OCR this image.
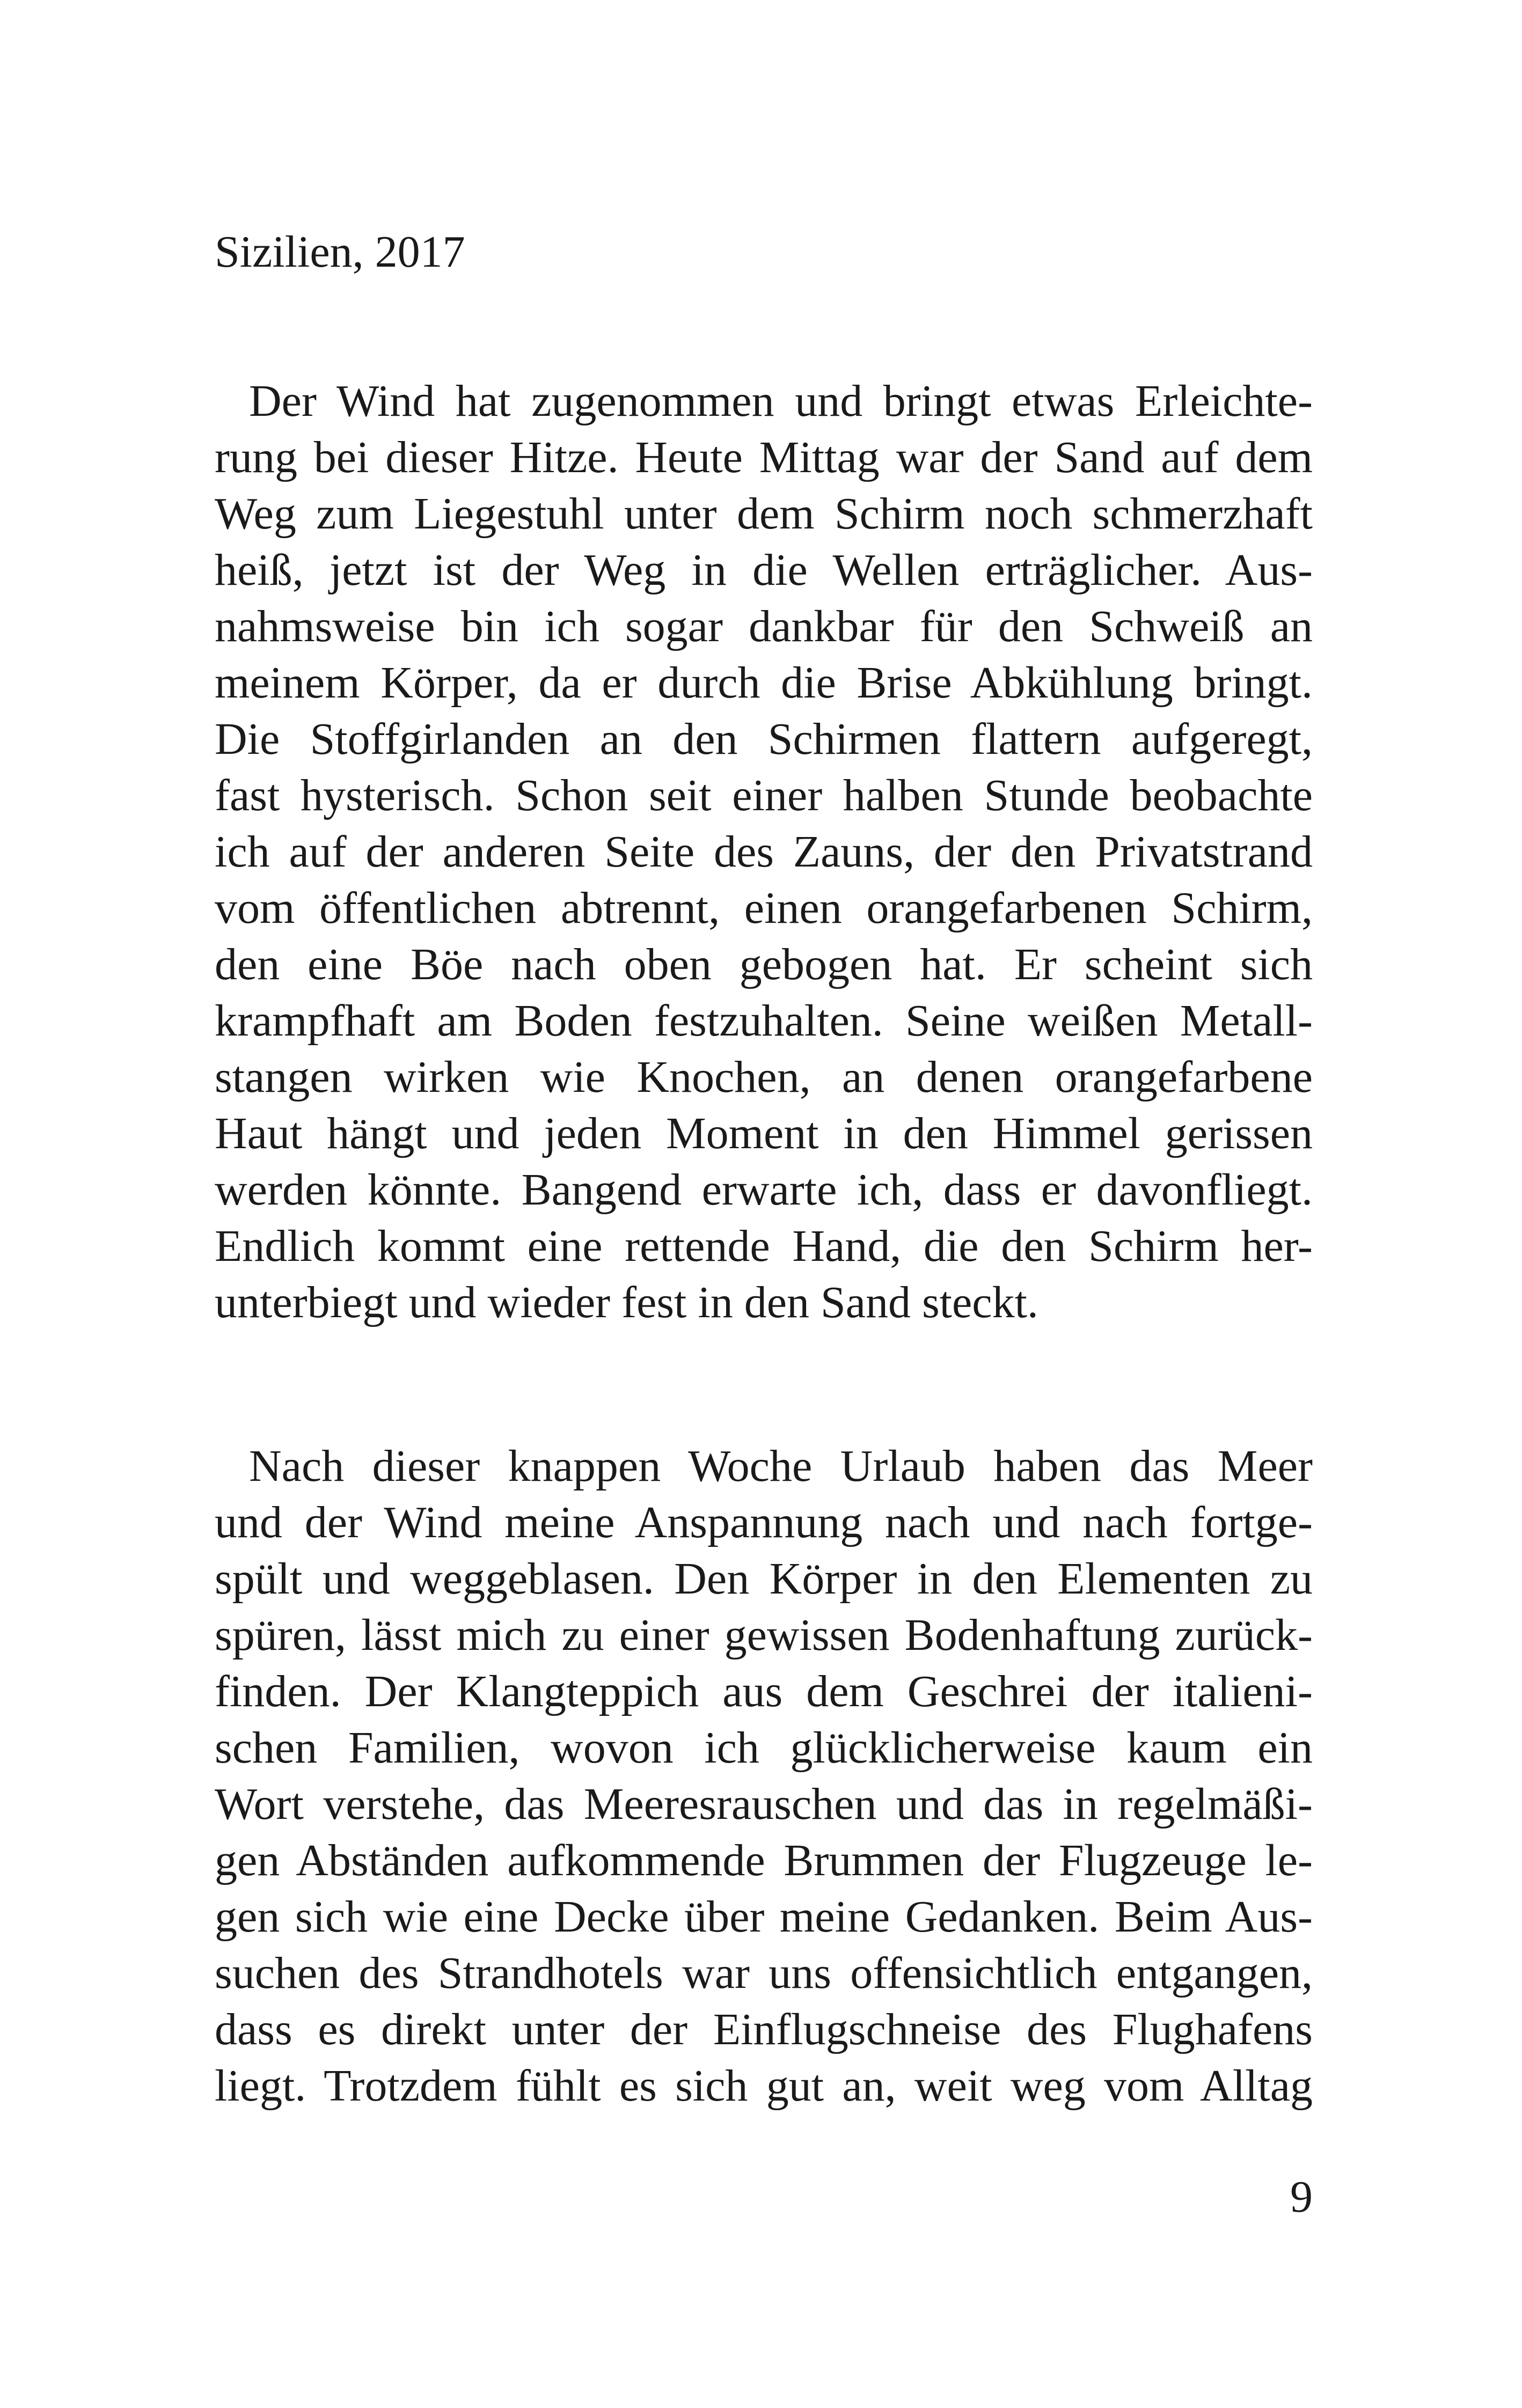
Sizilien, 2017
Der Wind hat zugenommen und bringt etwas Erleichte-
rung bei dieser Hitze. Heute Mittag war der Sand auf dem
Weg zum Liegestuhl unter dem Schirm noch schmerzhaft
heiß, jetzt ist der Weg in die Wellen erträglicher. Aus-
nahmsweise bin ich sogar dankbar für den Schweiß an
meinem Körper, da er durch die Brise Abkühlung bringt.
Die Stoffgirlanden an den Schirmen flattern aufgeregt,
fast hysterisch. Schon seit einer halben Stunde beobachte
ich auf der anderen Seite des Zauns, der den Privatstrand
vom öffentlichen abtrennt, einen orangefarbenen Schirm,
den eine Böe nach oben gebogen hat. Er scheint sich
krampfhaft am Boden festzuhalten. Seine weißen Metall-
stangen wirken wie Knochen, an denen orangefarbene
Haut hängt und jeden Moment in den Himmel gerissen
werden könnte. Bangend erwarte ich, dass er davonfliegt.
Endlich kommt eine rettende Hand, die den Schirm her-
unterbiegt und wieder fest in den Sand steckt.
Nach dieser knappen Woche Urlaub haben das Meer
und der Wind meine Anspannung nach und nach fortge-
spült und weggeblasen. Den Körper in den Elementen zu
spüren, lässt mich zu einer gewissen Bodenhaftung zurück-
finden. Der Klangteppich aus dem Geschrei der italieni-
schen Familien, wovon ich glücklicherweise kaum ein
Wort verstehe, das Meeresrauschen und das in regelmäßi-
gen Abständen aufkommende Brummen der Flugzeuge le-
gen sich wie eine Decke über meine Gedanken. Beim Aus-
suchen des Strandhotels war uns offensichtlich entgangen,
dass es direkt unter der Einflugschneise des Flughafens
liegt. Trotzdem fühlt es sich gut an, weit weg vom Alltag

9
